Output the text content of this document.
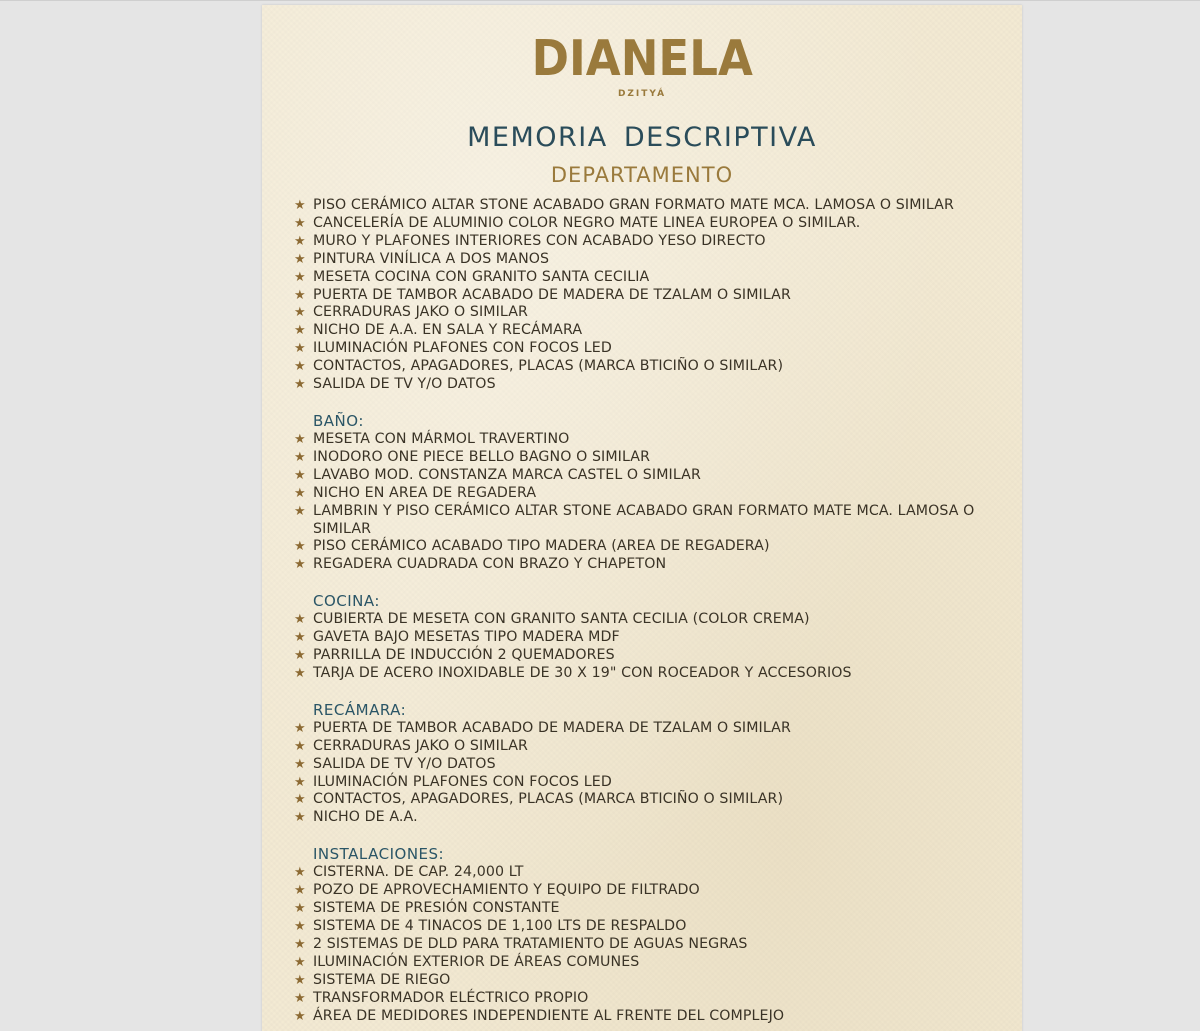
DIANELA
DZITYÁ
MEMORIA DESCRIPTIVA
DEPARTAMENTO
★ PISO CERÁMICO ALTAR STONE ACABADO GRAN FORMATO MATE MCA. LAMOSA O SIMILAR
★ CANCELERÍA DE ALUMINIO COLOR NEGRO MATE LINEA EUROPEA O SIMILAR.
★ MURO Y PLAFONES INTERIORES CON ACABADO YESO DIRECTO
★ PINTURA VINÍLICA A DOS MANOS
★ MESETA COCINA CON GRANITO SANTA CECILIA
★ PUERTA DE TAMBOR ACABADO DE MADERA DE TZALAM O SIMILAR
★ CERRADURAS JAKO O SIMILAR
★ NICHO DE A.A. EN SALA Y RECÁMARA
★ ILUMINACIÓN PLAFONES CON FOCOS LED
★ CONTACTOS, APAGADORES, PLACAS (MARCA BTICIÑO O SIMILAR)
★ SALIDA DE TV Y/O DATOS
BAÑO:
★ MESETA CON MÁRMOL TRAVERTINO
★ INODORO ONE PIECE BELLO BAGNO O SIMILAR
★ LAVABO MOD. CONSTANZA MARCA CASTEL O SIMILAR
★ NICHO EN AREA DE REGADERA
★ LAMBRIN Y PISO CERÁMICO ALTAR STONE ACABADO GRAN FORMATO MATE MCA. LAMOSA O SIMILAR
★ PISO CERÁMICO ACABADO TIPO MADERA (AREA DE REGADERA)
★ REGADERA CUADRADA CON BRAZO Y CHAPETON
COCINA:
★ CUBIERTA DE MESETA CON GRANITO SANTA CECILIA (COLOR CREMA)
★ GAVETA BAJO MESETAS TIPO MADERA MDF
★ PARRILLA DE INDUCCIÓN 2 QUEMADORES
★ TARJA DE ACERO INOXIDABLE DE 30 X 19" CON ROCEADOR Y ACCESORIOS
RECÁMARA:
★ PUERTA DE TAMBOR ACABADO DE MADERA DE TZALAM O SIMILAR
★ CERRADURAS JAKO O SIMILAR
★ SALIDA DE TV Y/O DATOS
★ ILUMINACIÓN PLAFONES CON FOCOS LED
★ CONTACTOS, APAGADORES, PLACAS (MARCA BTICIÑO O SIMILAR)
★ NICHO DE A.A.
INSTALACIONES:
★ CISTERNA. DE CAP. 24,000 LT
★ POZO DE APROVECHAMIENTO Y EQUIPO DE FILTRADO
★ SISTEMA DE PRESIÓN CONSTANTE
★ SISTEMA DE 4 TINACOS DE 1,100 LTS DE RESPALDO
★ 2 SISTEMAS DE DLD PARA TRATAMIENTO DE AGUAS NEGRAS
★ ILUMINACIÓN EXTERIOR DE ÁREAS COMUNES
★ SISTEMA DE RIEGO
★ TRANSFORMADOR ELÉCTRICO PROPIO
★ ÁREA DE MEDIDORES INDEPENDIENTE AL FRENTE DEL COMPLEJO
